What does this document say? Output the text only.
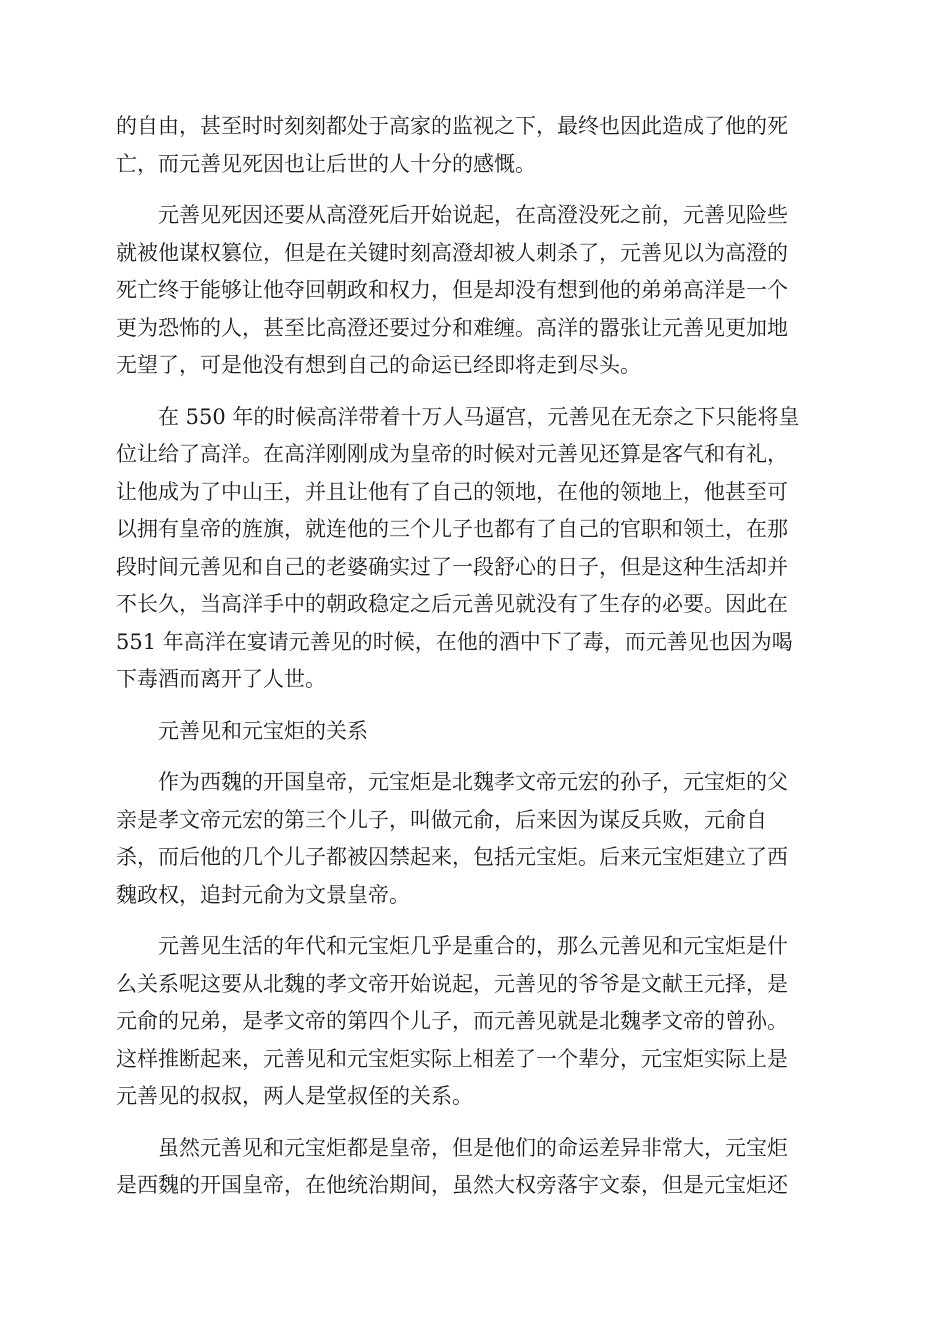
的自由，甚至时时刻刻都处于高家的监视之下，最终也因此造成了他的死
亡，而元善见死因也让后世的人十分的感慨。
　　元善见死因还要从高澄死后开始说起，在高澄没死之前，元善见险些
就被他谋权篡位，但是在关键时刻高澄却被人刺杀了，元善见以为高澄的
死亡终于能够让他夺回朝政和权力，但是却没有想到他的弟弟高洋是一个
更为恐怖的人，甚至比高澄还要过分和难缠。高洋的嚣张让元善见更加地
无望了，可是他没有想到自己的命运已经即将走到尽头。
　　在 550 年的时候高洋带着十万人马逼宫，元善见在无奈之下只能将皇
位让给了高洋。在高洋刚刚成为皇帝的时候对元善见还算是客气和有礼，
让他成为了中山王，并且让他有了自己的领地，在他的领地上，他甚至可
以拥有皇帝的旌旗，就连他的三个儿子也都有了自己的官职和领土，在那
段时间元善见和自己的老婆确实过了一段舒心的日子，但是这种生活却并
不长久，当高洋手中的朝政稳定之后元善见就没有了生存的必要。因此在
551 年高洋在宴请元善见的时候，在他的酒中下了毒，而元善见也因为喝
下毒酒而离开了人世。
　　元善见和元宝炬的关系
　　作为西魏的开国皇帝，元宝炬是北魏孝文帝元宏的孙子，元宝炬的父
亲是孝文帝元宏的第三个儿子，叫做元俞，后来因为谋反兵败，元俞自
杀，而后他的几个儿子都被囚禁起来，包括元宝炬。后来元宝炬建立了西
魏政权，追封元俞为文景皇帝。
　　元善见生活的年代和元宝炬几乎是重合的，那么元善见和元宝炬是什
么关系呢这要从北魏的孝文帝开始说起，元善见的爷爷是文献王元择，是
元俞的兄弟，是孝文帝的第四个儿子，而元善见就是北魏孝文帝的曾孙。
这样推断起来，元善见和元宝炬实际上相差了一个辈分，元宝炬实际上是
元善见的叔叔，两人是堂叔侄的关系。
　　虽然元善见和元宝炬都是皇帝，但是他们的命运差异非常大，元宝炬
是西魏的开国皇帝，在他统治期间，虽然大权旁落宇文泰，但是元宝炬还
